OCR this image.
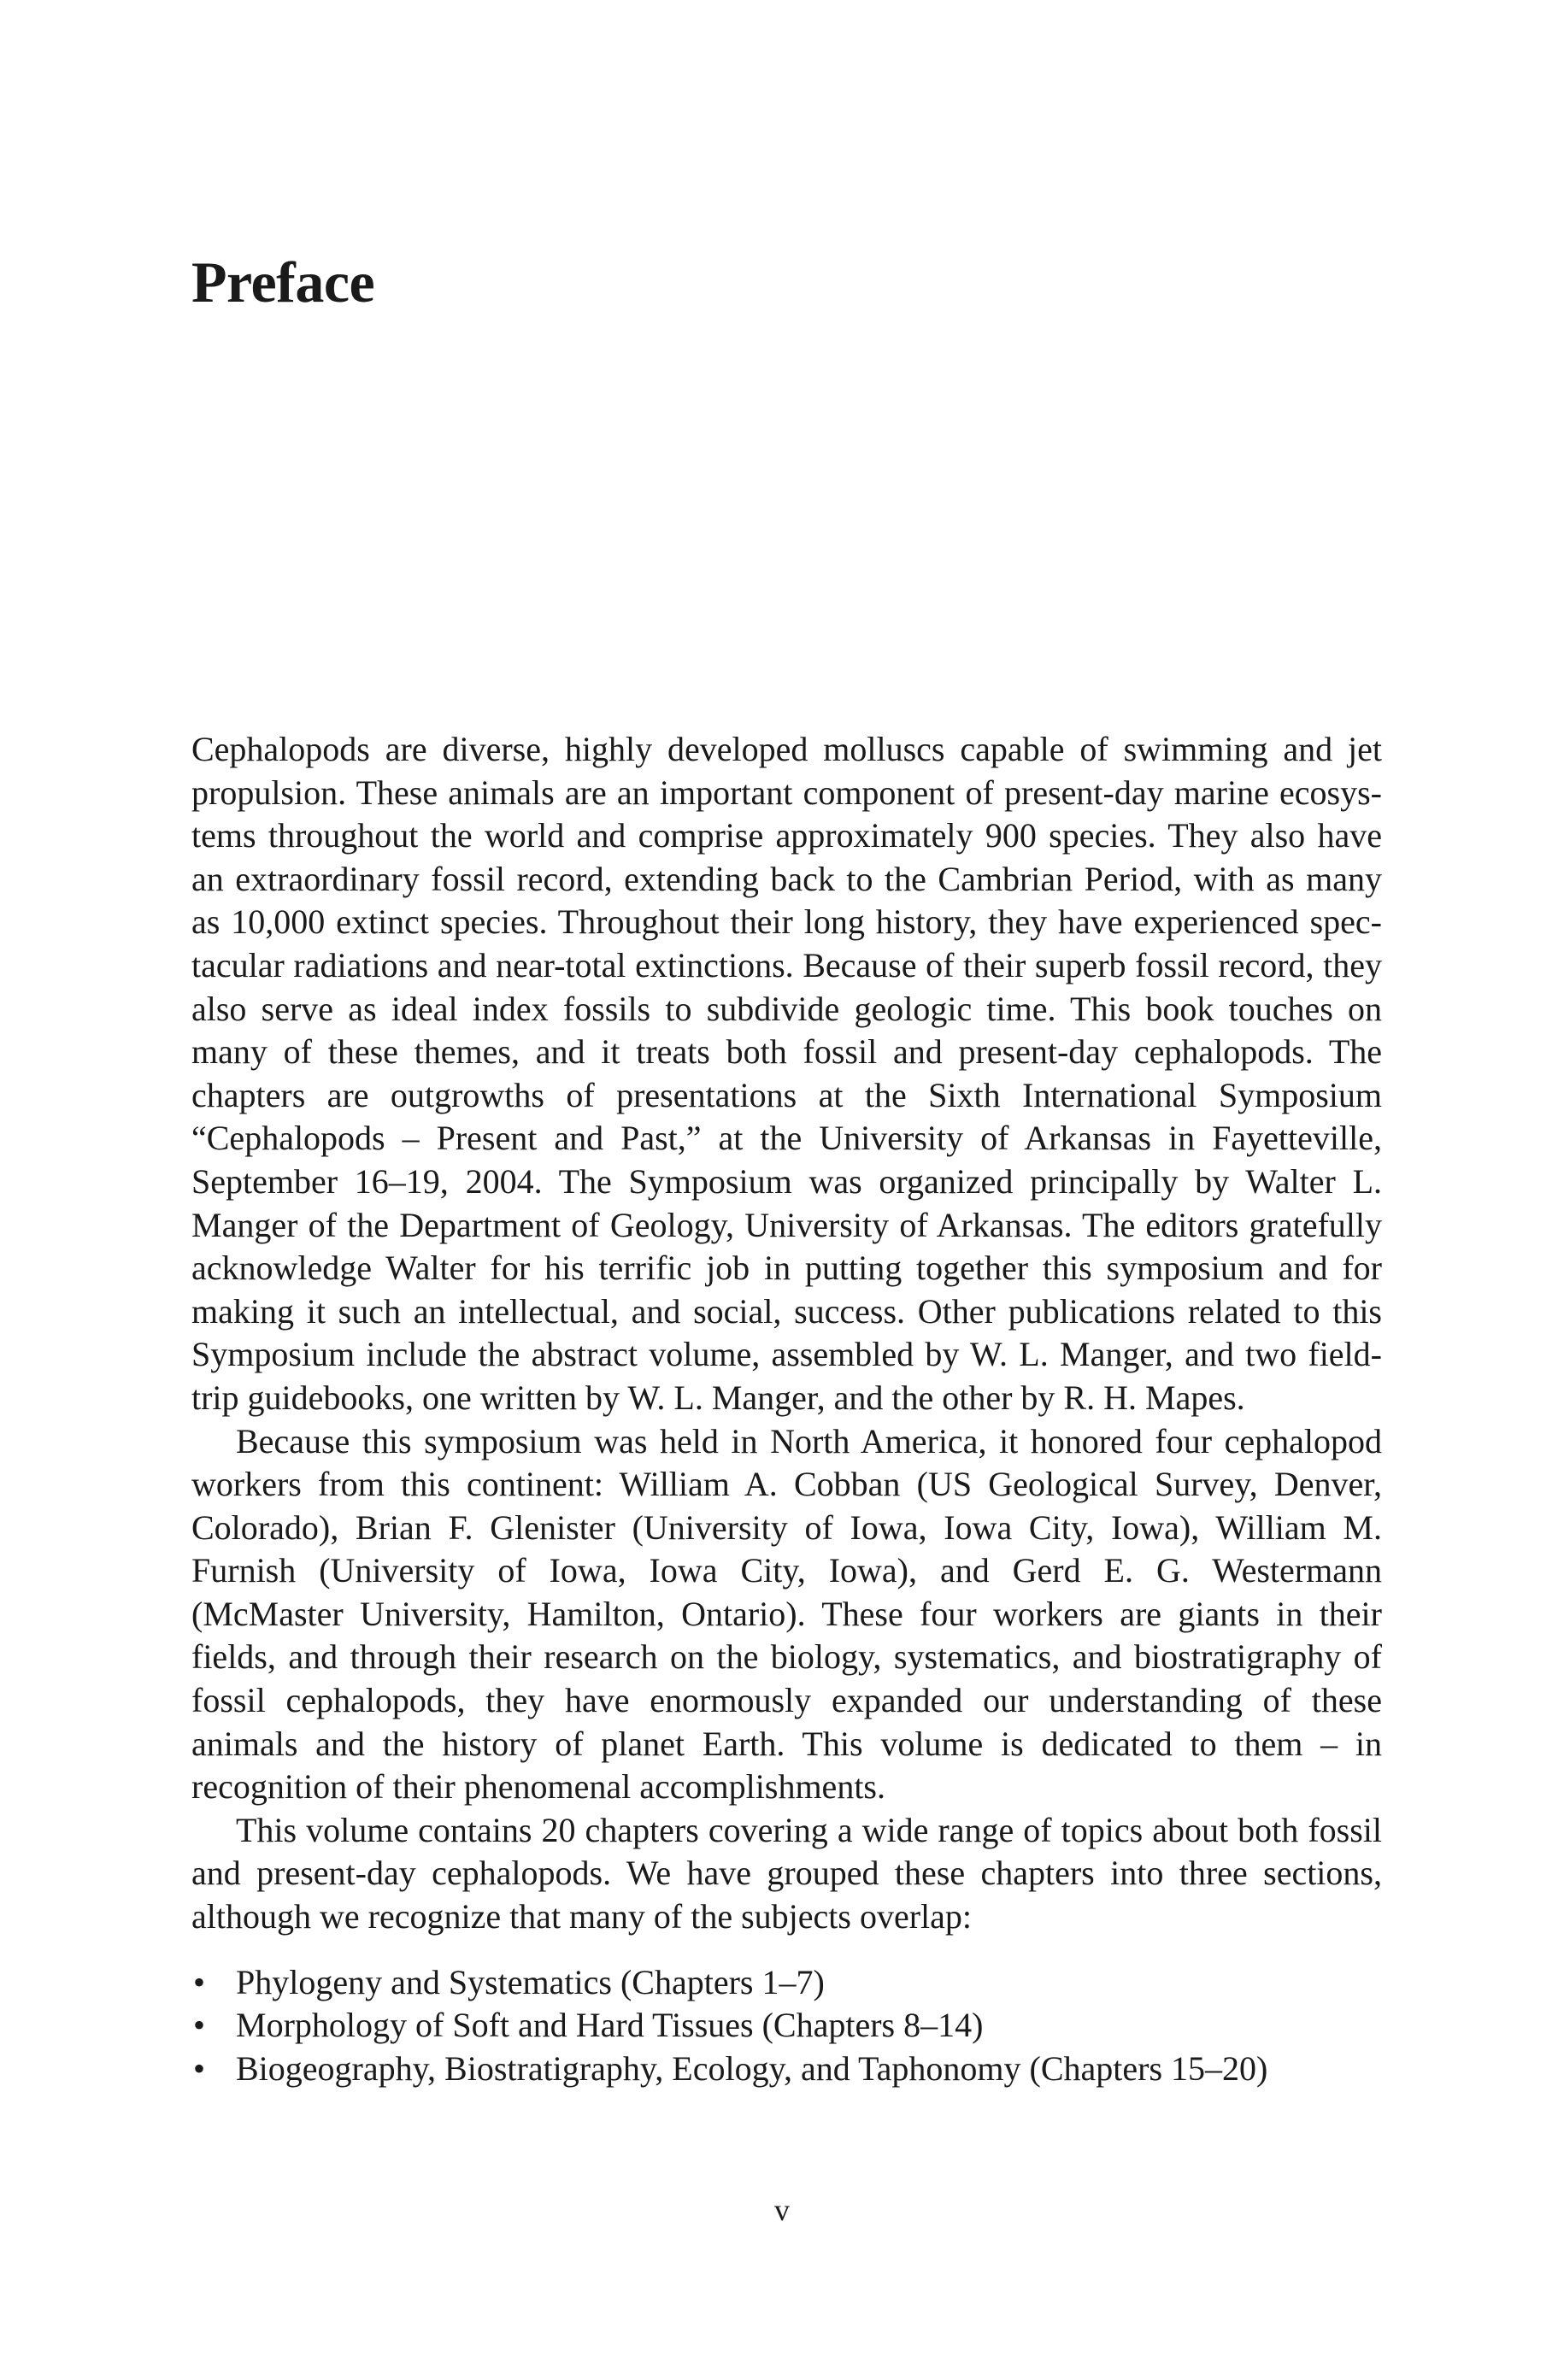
Preface

Cephalopods are diverse, highly developed molluscs capable of swimming and jet propulsion. These animals are an important component of present-day marine ecosystems throughout the world and comprise approximately 900 species. They also have an extraordinary fossil record, extending back to the Cambrian Period, with as many as 10,000 extinct species. Throughout their long history, they have experienced spectacular radiations and near-total extinctions. Because of their superb fossil record, they also serve as ideal index fossils to subdivide geologic time. This book touches on many of these themes, and it treats both fossil and present-day cephalopods. The chapters are outgrowths of presentations at the Sixth International Symposium “Cephalopods – Present and Past,” at the University of Arkansas in Fayetteville, September 16–19, 2004. The Symposium was organized principally by Walter L. Manger of the Department of Geology, University of Arkansas. The editors gratefully acknowledge Walter for his terrific job in putting together this symposium and for making it such an intellectual, and social, success. Other publications related to this Symposium include the abstract volume, assembled by W. L. Manger, and two field-trip guidebooks, one written by W. L. Manger, and the other by R. H. Mapes.

Because this symposium was held in North America, it honored four cephalopod workers from this continent: William A. Cobban (US Geological Survey, Denver, Colorado), Brian F. Glenister (University of Iowa, Iowa City, Iowa), William M. Furnish (University of Iowa, Iowa City, Iowa), and Gerd E. G. Westermann (McMaster University, Hamilton, Ontario). These four workers are giants in their fields, and through their research on the biology, systematics, and biostratigraphy of fossil cephalopods, they have enormously expanded our understanding of these animals and the history of planet Earth. This volume is dedicated to them – in recognition of their phenomenal accomplishments.

This volume contains 20 chapters covering a wide range of topics about both fossil and present-day cephalopods. We have grouped these chapters into three sections, although we recognize that many of the subjects overlap:

• Phylogeny and Systematics (Chapters 1–7)
• Morphology of Soft and Hard Tissues (Chapters 8–14)
• Biogeography, Biostratigraphy, Ecology, and Taphonomy (Chapters 15–20)
v
